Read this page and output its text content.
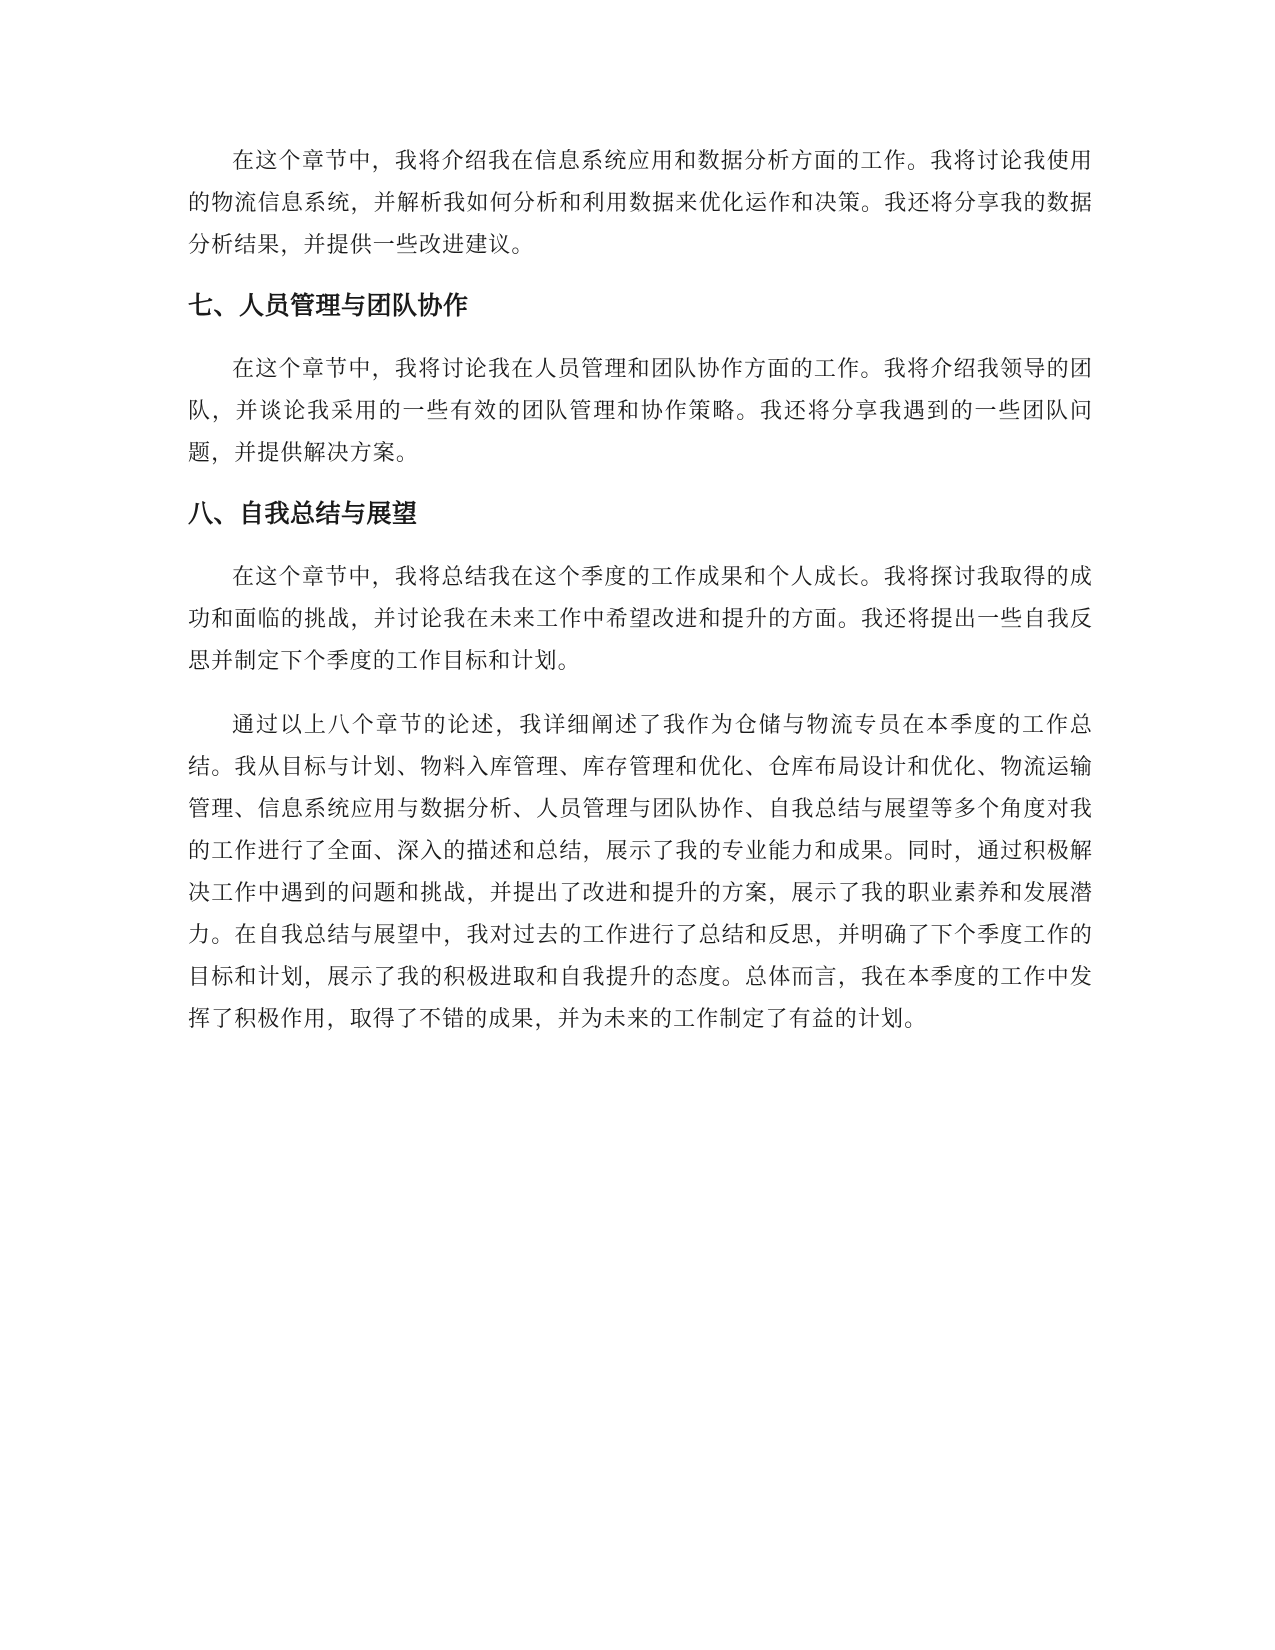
在这个章节中，我将介绍我在信息系统应用和数据分析方面的工作。我将讨论我使用的物流信息系统，并解析我如何分析和利用数据来优化运作和决策。我还将分享我的数据分析结果，并提供一些改进建议。

七、人员管理与团队协作

在这个章节中，我将讨论我在人员管理和团队协作方面的工作。我将介绍我领导的团队，并谈论我采用的一些有效的团队管理和协作策略。我还将分享我遇到的一些团队问题，并提供解决方案。

八、自我总结与展望

在这个章节中，我将总结我在这个季度的工作成果和个人成长。我将探讨我取得的成功和面临的挑战，并讨论我在未来工作中希望改进和提升的方面。我还将提出一些自我反思并制定下个季度的工作目标和计划。

通过以上八个章节的论述，我详细阐述了我作为仓储与物流专员在本季度的工作总结。我从目标与计划、物料入库管理、库存管理和优化、仓库布局设计和优化、物流运输管理、信息系统应用与数据分析、人员管理与团队协作、自我总结与展望等多个角度对我的工作进行了全面、深入的描述和总结，展示了我的专业能力和成果。同时，通过积极解决工作中遇到的问题和挑战，并提出了改进和提升的方案，展示了我的职业素养和发展潜力。在自我总结与展望中，我对过去的工作进行了总结和反思，并明确了下个季度工作的目标和计划，展示了我的积极进取和自我提升的态度。总体而言，我在本季度的工作中发挥了积极作用，取得了不错的成果，并为未来的工作制定了有益的计划。
